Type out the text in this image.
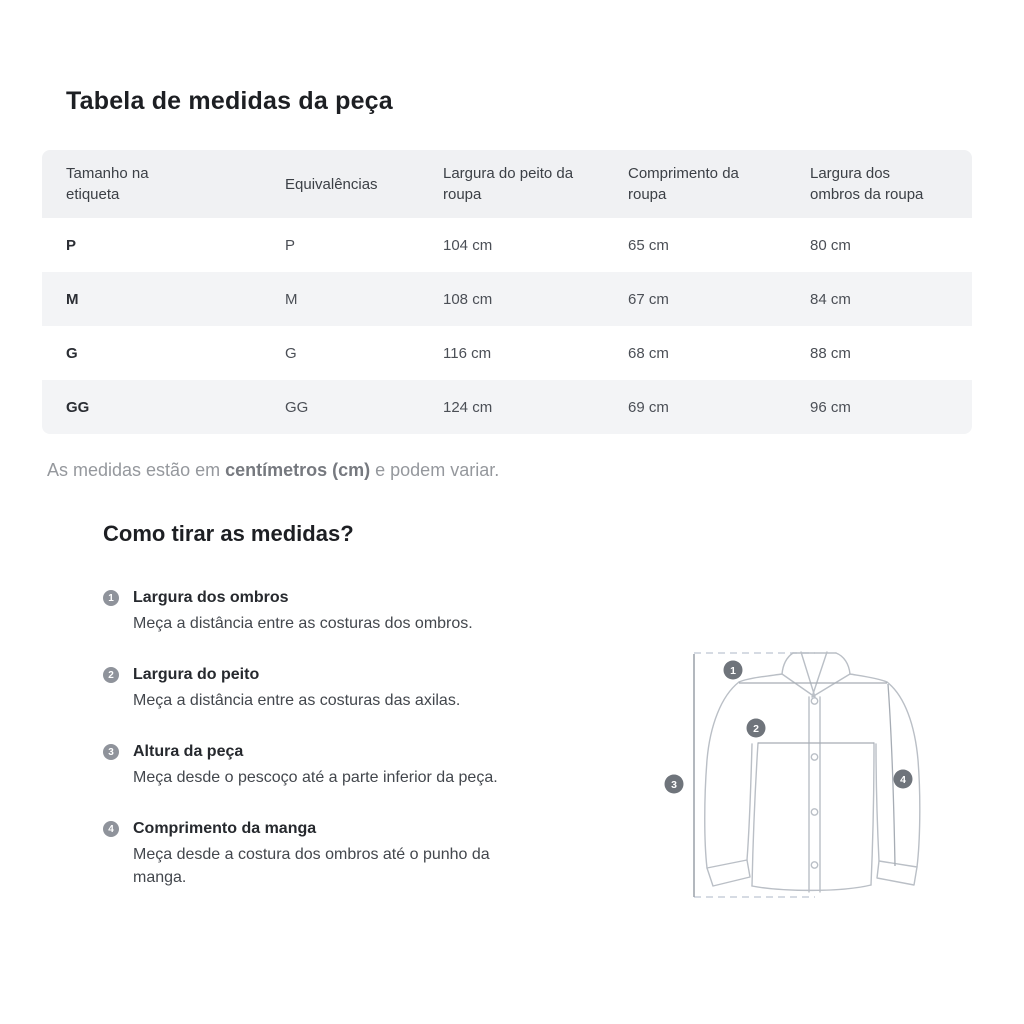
Tabela de medidas da peça
Tamanho na etiqueta	Equivalências	Largura do peito da roupa	Comprimento da roupa	Largura dos ombros da roupa
P	P	104 cm	65 cm	80 cm
M	M	108 cm	67 cm	84 cm
G	G	116 cm	68 cm	88 cm
GG	GG	124 cm	69 cm	96 cm
As medidas estão em centímetros (cm) e podem variar.
Como tirar as medidas?
1	Largura dos ombros
Meça a distância entre as costuras dos ombros.
2	Largura do peito
Meça a distância entre as costuras das axilas.
3	Altura da peça
Meça desde o pescoço até a parte inferior da peça.
4	Comprimento da manga
Meça desde a costura dos ombros até o punho da manga.
1
2
3	4
